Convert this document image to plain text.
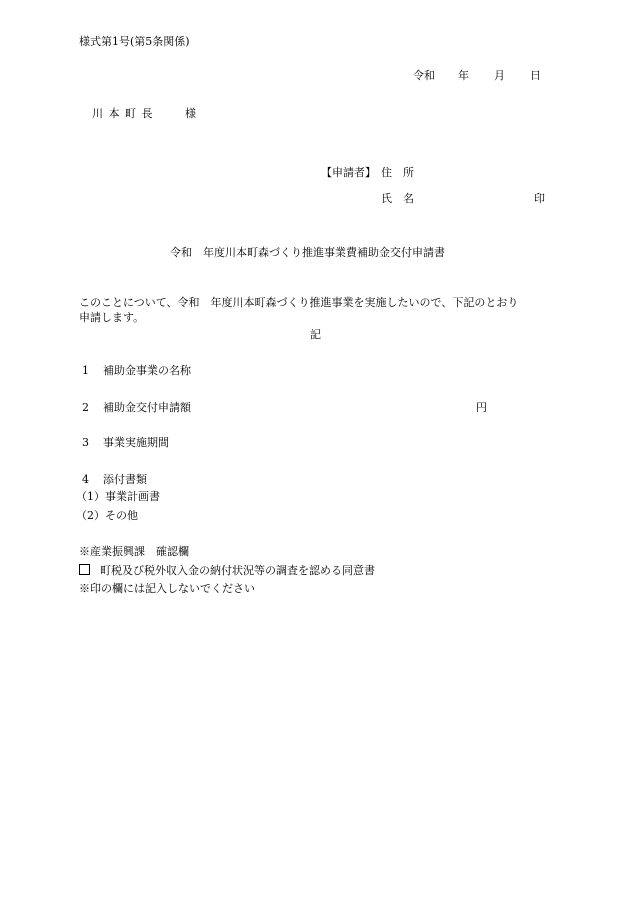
様式第1号(第5条関係)
令和 年 月 日
川 本 町 長	様
【申請者】 住　所
氏　名	印
令和　年度川本町森づくり推進事業費補助金交付申請書
このことについて、令和　年度川本町森づくり推進事業を実施したいので、下記のとおり
申請します。
記
1 補助金事業の名称
2 補助金交付申請額	円
3 事業実施期間
4 添付書類
（1）事業計画書
（2）その他
※産業振興課　確認欄
町税及び税外収入金の納付状況等の調査を認める同意書
※印の欄には記入しないでください
